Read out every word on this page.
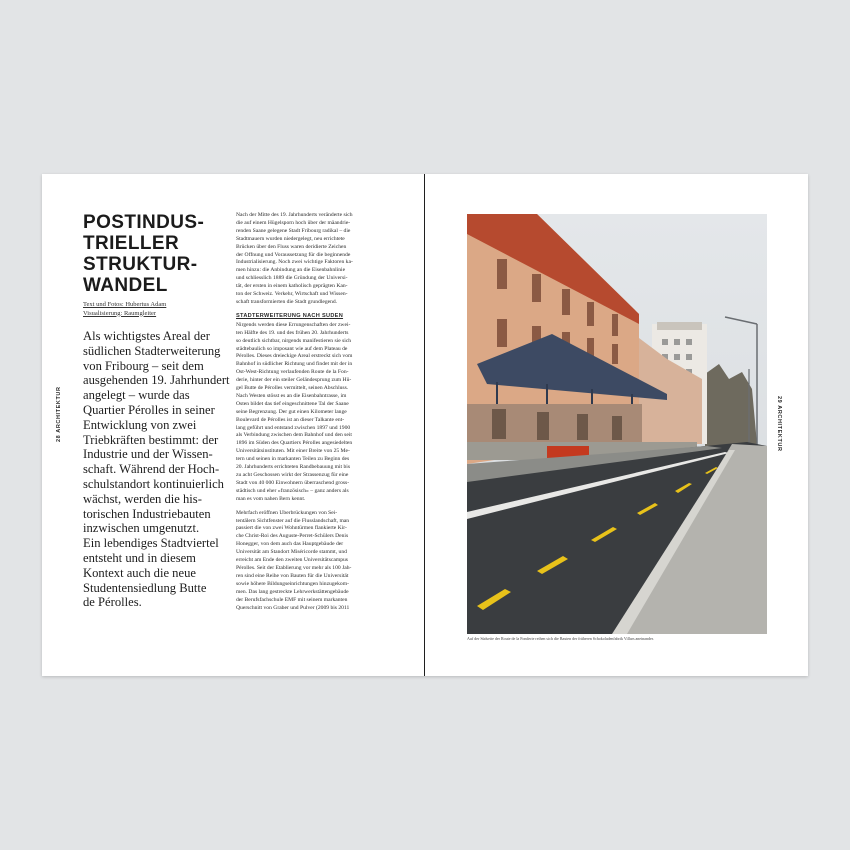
28 ARCHITEKTUR
POSTINDUS-
TRIELLER
STRUKTUR-
WANDEL
Text und Fotos: Hubertus Adam
Visualisierung: Raumgleiter
Als wichtigstes Areal der
südlichen Stadterweiterung
von Fribourg – seit dem
ausgehenden 19. Jahrhundert
angelegt – wurde das
Quartier Pérolles in seiner
Entwicklung von zwei
Triebkräften bestimmt: der
Industrie und der Wissen-
schaft. Während der Hoch-
schulstandort kontinuierlich
wächst, werden die his-
torischen Industriebauten
inzwischen umgenutzt.
Ein lebendiges Stadtviertel
entsteht und in diesem
Kontext auch die neue
Studentensiedlung Butte
de Pérolles.
Nach der Mitte des 19. Jahrhunderts veränderte sich
die auf einem Hügelsporn hoch über der mäandrie-
renden Saane gelegene Stadt Fribourg radikal – die
Stadtmauern wurden niedergelegt, neu errichtete
Brücken über den Fluss waren deridierte Zeichen
der Öffnung und Voraussetzung für die beginnende
Industrialisierung. Noch zwei wichtige Faktoren ka-
men hinzu: die Anbindung an die Eisenbahnlinie
und schliesslich 1889 die Gründung der Universi-
tät, der ersten in einem katholisch geprägten Kan-
ton der Schweiz. Verkehr, Wirtschaft und Wissen-
schaft transformierten die Stadt grundlegend.
STADTERWEITERUNG NACH SÜDEN
Nirgends werden diese Errungenschaften der zwei-
ten Hälfte des 19. und des frühen 20. Jahrhunderts
so deutlich sichtbar, nirgends manifestieren sie sich
städtebaulich so imposant wie auf dem Plateau de
Pérolles. Dieses dreieckige Areal erstreckt sich vom
Bahnhof in südlicher Richtung und findet mit der in
Ost-West-Richtung verlaufenden Route de la Fon-
derie, hinter der ein steiler Geländesprung zum Hü-
gel Butte de Pérolles vermittelt, seinen Abschluss.
Nach Westen stösst es an die Eisenbahntrasse, im
Osten bildet das tief eingeschnittene Tal der Saane
seine Begrenzung. Der gut einen Kilometer lange
Boulevard de Pérolles ist an dieser Talkante ent-
lang geführt und entstand zwischen 1897 und 1900
als Verbindung zwischen dem Bahnhof und den seit
1896 im Süden des Quartiers Pérolles angesiedelten
Universitätsinstituten. Mit einer Breite von 25 Me-
tern und seinen in markanten Teilen zu Beginn des
20. Jahrhunderts errichteten Randbebauung mit bis
zu acht Geschossen wirkt der Strassenzug für eine
Stadt von 40 000 Einwohnern überraschend gross-
städtisch und eher «französisch» – ganz anders als
man es vom nahen Bern kennt.
Mehrfach eröffnen Überbrückungen von Sei-
tentälern Sichtfenster auf die Flusslandschaft, man
passiert die von zwei Wohntürmen flankierte Kir-
che Christ-Roi des Auguste-Perret-Schülers Denis
Honegger, von dem auch das Hauptgebäude der
Universität am Standort Miséricorde stammt, und
erreicht am Ende den zweiten Universitätscampus
Pérolles. Seit der Etablierung vor mehr als 100 Jah-
ren sind eine Reihe von Bauten für die Universität
sowie höhere Bildungseinrichtungen hinzugekom-
men. Das lang gestreckte Lehrwerkstättengebäude
der Berufsfachschule EMF mit seinem markanten
Querschnitt von Graber und Pulver (2009 bis 2011
29 ARCHITEKTUR
Auf der Südseite der Route de la Fonderie reihen sich die Bauten der früheren Schokoladenfabrik Villars aneinander.
